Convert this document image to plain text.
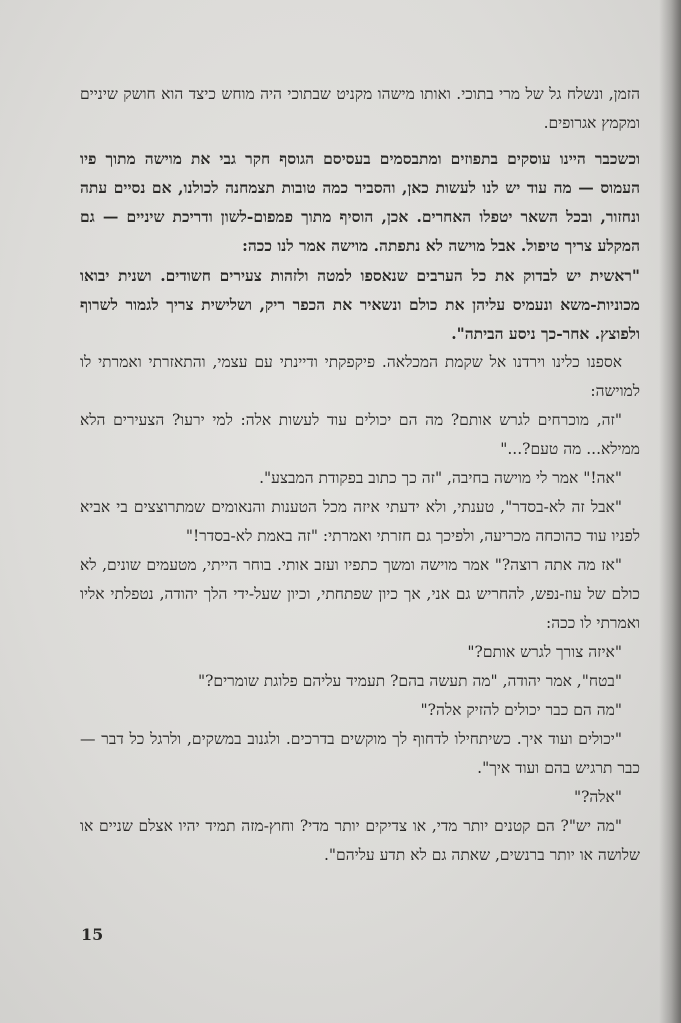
הזמן, ונשלח גל של מרי בתוכי. ואותו מישהו מקניט שבתוכי היה מוחש כיצד הוא חושק שיניים ומקמץ אגרופים.

וכשכבר היינו עוסקים בתפוזים ומתבסמים בעסיסם הגוסף חקר גבי את מוישה מתוך פיו העמוס — מה עוד יש לנו לעשות כאן, והסביר כמה טובות תצמחנה לכולנו, אם נסיים עתה ונחזור, ובכל השאר יטפלו האחרים. אכן, הוסיף מתוך פמפום-לשון ודריכת שיניים — גם המקלע צריך טיפול. אבל מוישה לא נתפתה. מוישה אמר לנו ככה:

"ראשית יש לבדוק את כל הערבים שנאספו למטה ולזהות צעירים חשודים. ושנית יבואו מכוניות-משא ונעמיס עליהן את כולם ונשאיר את הכפר ריק, ושלישית צריך לגמור לשרוף ולפוצץ. אחר-כך ניסע הביתה".

אספנו כלינו וירדנו אל שקמת המכלאה. פיקפקתי ודיינתי עם עצמי, והתאזרתי ואמרתי לו למוישה:

"זה, מוכרחים לגרש אותם? מה הם יכולים עוד לעשות אלה: למי ירעו? הצעירים הלא ממילא... מה טעם?..."

"אה!" אמר לי מוישה בחיבה, "זה כך כתוב בפקודת המבצע".

"אבל זה לא-בסדר", טענתי, ולא ידעתי איזה מכל הטענות והנאומים שמתרוצצים בי אביא לפניו עוד כהוכחה מכריעה, ולפיכך גם חזרתי ואמרתי: "זה באמת לא-בסדר!"

"אז מה אתה רוצה?" אמר מוישה ומשך כתפיו ועזב אותי. בוחר הייתי, מטעמים שונים, לא כולם של עוז-נפש, להחריש גם אני, אך כיון שפתחתי, וכיון שעל-ידי הלך יהודה, נטפלתי אליו ואמרתי לו ככה:

"איזה צורך לגרש אותם?"

"בטח", אמר יהודה, "מה תעשה בהם? תעמיד עליהם פלוגת שומרים?"

"מה הם כבר יכולים להזיק אלה?"

"יכולים ועוד איך. כשיתחילו לדחוף לך מוקשים בדרכים. ולגנוב במשקים, ולרגל כל דבר — כבר תרגיש בהם ועוד איך".

"אלה?"

"מה יש"? הם קטנים יותר מדי, או צדיקים יותר מדי? וחוץ-מזה תמיד יהיו אצלם שניים או שלושה או יותר ברנשים, שאתה גם לא תדע עליהם".

15
